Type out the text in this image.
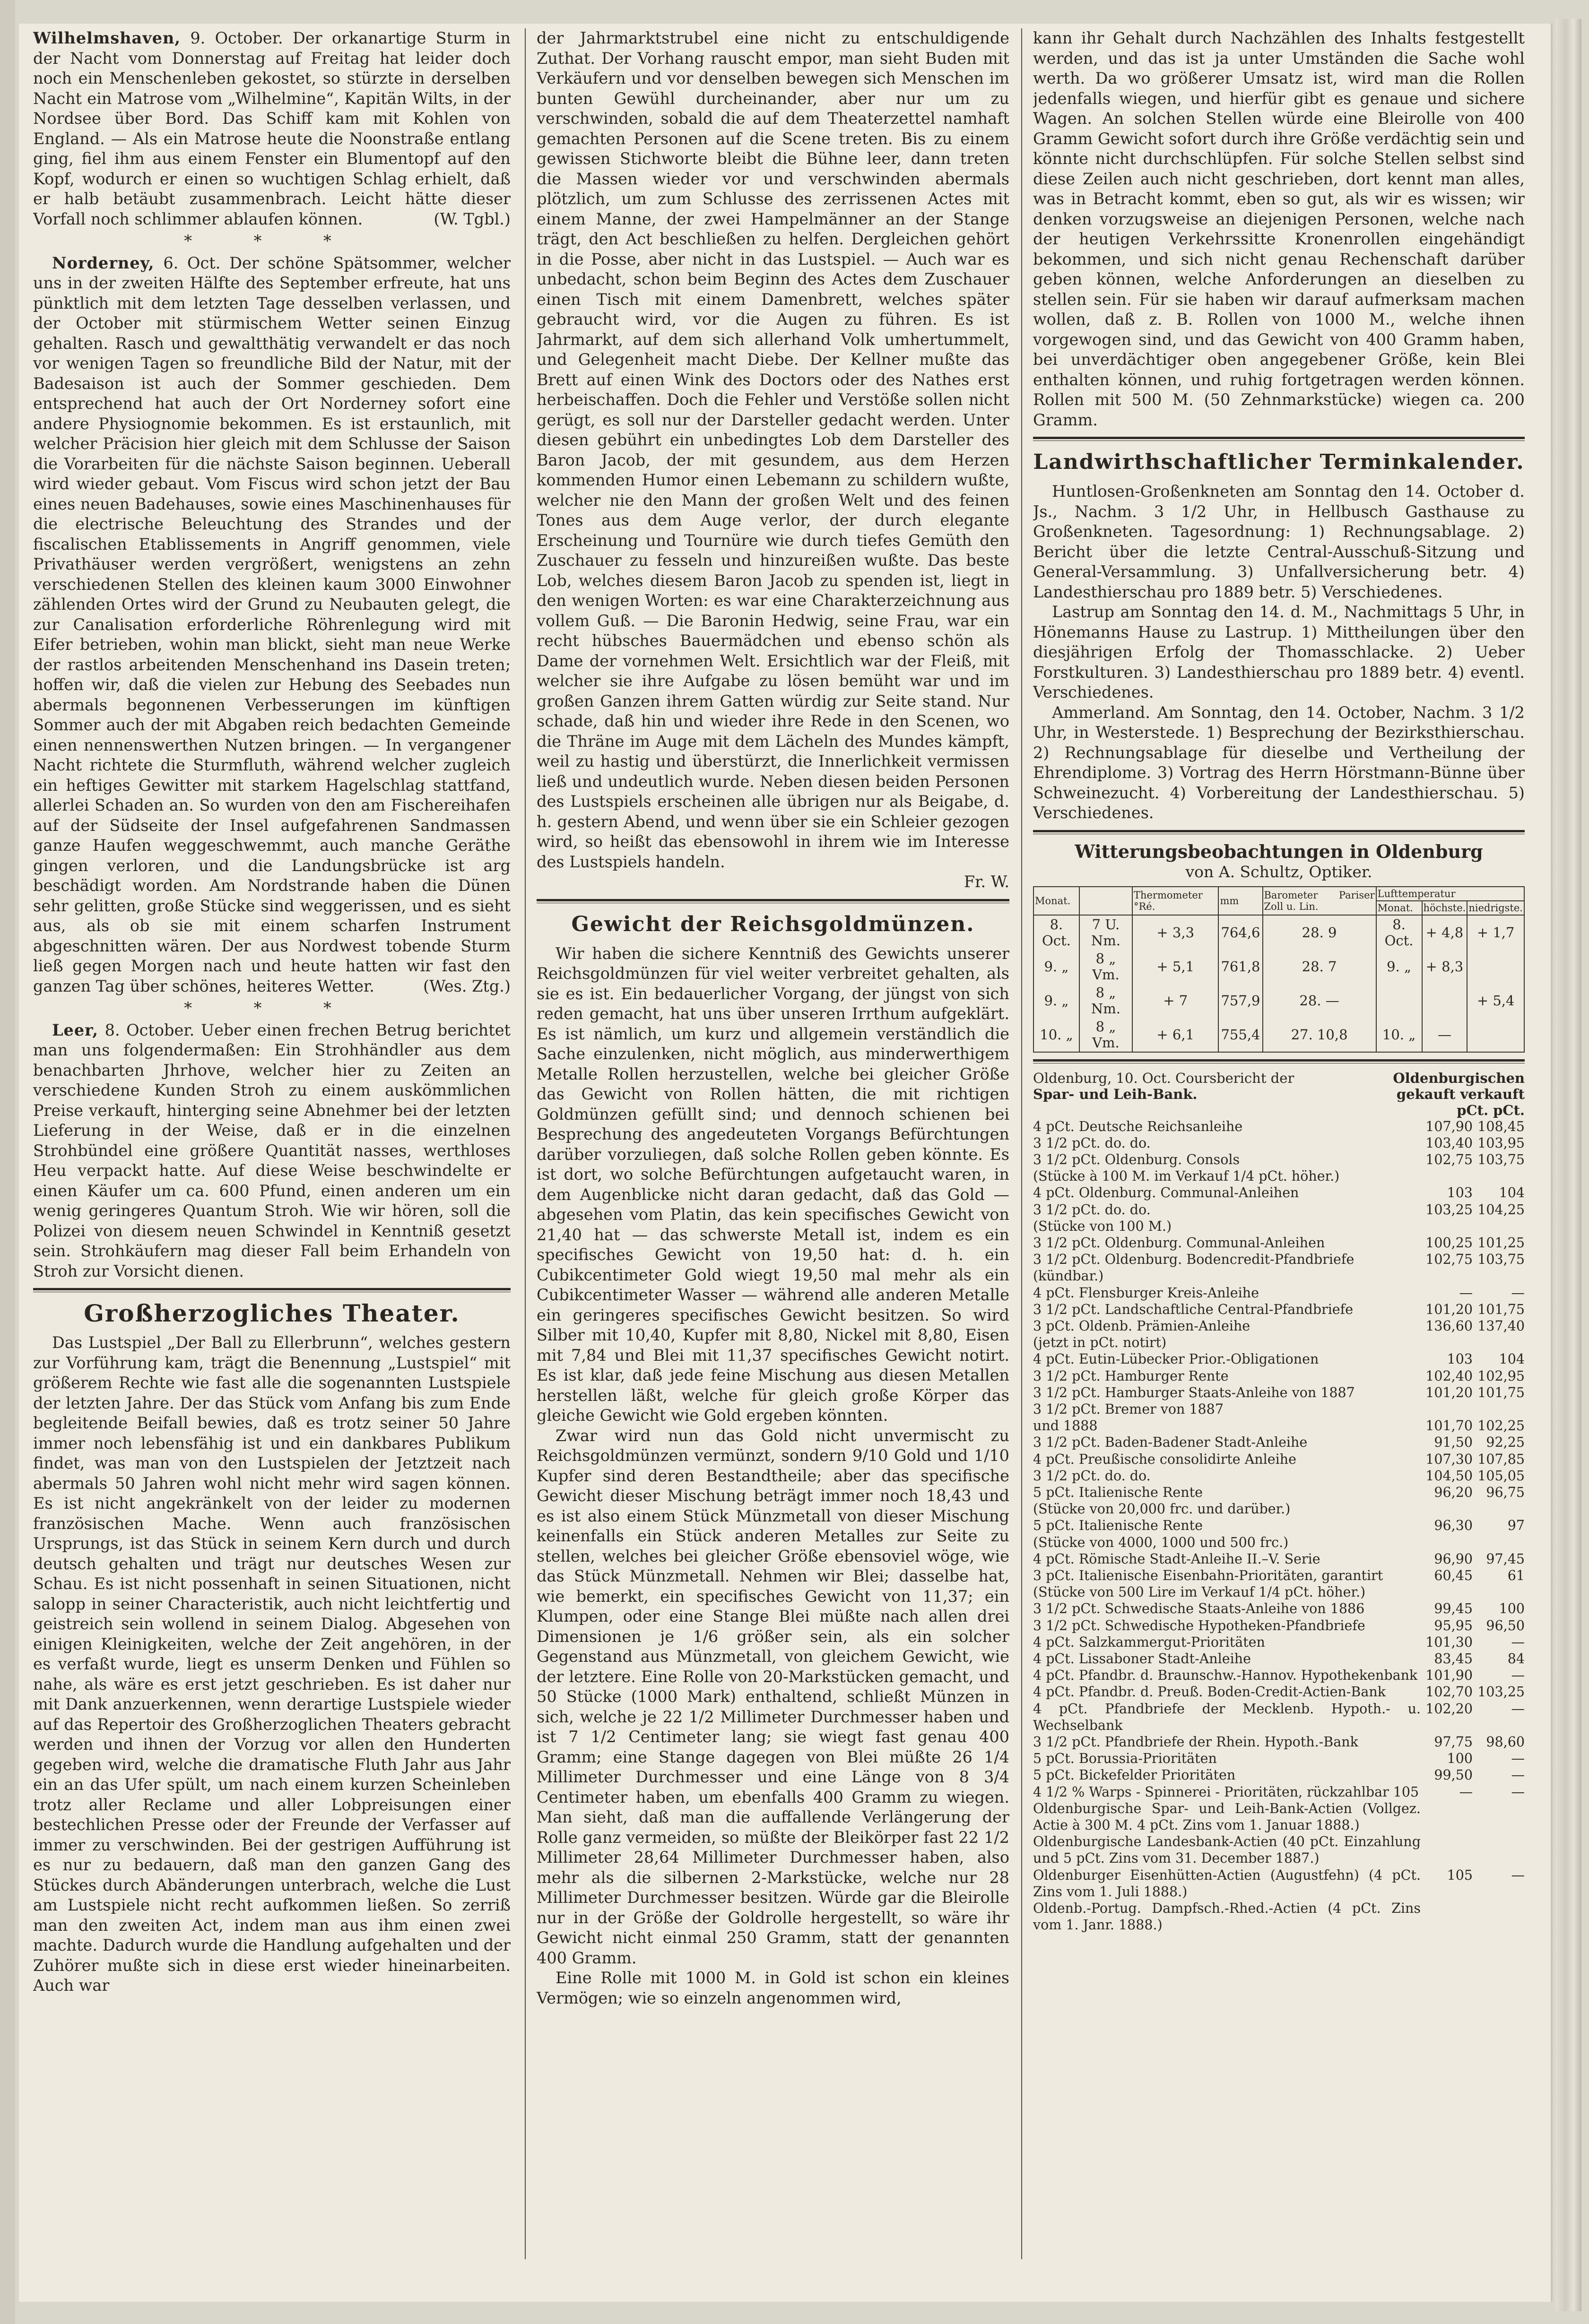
Wilhelmshaven, 9. October. Der orkanartige Sturm in der Nacht vom Donnerstag auf Freitag hat leider doch noch ein Menschenleben gekostet, so stürzte in derselben Nacht ein Matrose vom „Wilhelmine“, Kapitän Wilts, in der Nordsee über Bord. Das Schiff kam mit Kohlen von England. — Als ein Matrose heute die Noonstraße entlang ging, fiel ihm aus einem Fenster ein Blumentopf auf den Kopf, wodurch er einen so wuchtigen Schlag erhielt, daß er halb betäubt zusammenbrach. Leicht hätte dieser Vorfall noch schlimmer ablaufen können.	(W. Tgbl.)

* * *

Norderney, 6. Oct. Der schöne Spätsommer, welcher uns in der zweiten Hälfte des September erfreute, hat uns pünktlich mit dem letzten Tage desselben verlassen, und der October mit stürmischem Wetter seinen Einzug gehalten. Rasch und gewaltthätig verwandelt er das noch vor wenigen Tagen so freundliche Bild der Natur, mit der Badesaison ist auch der Sommer geschieden. Dem entsprechend hat auch der Ort Norderney sofort eine andere Physiognomie bekommen. Es ist erstaunlich, mit welcher Präcision hier gleich mit dem Schlusse der Saison die Vorarbeiten für die nächste Saison beginnen. Ueberall wird wieder gebaut. Vom Fiscus wird schon jetzt der Bau eines neuen Badehauses, sowie eines Maschinenhauses für die electrische Beleuchtung des Strandes und der fiscalischen Etablissements in Angriff genommen, viele Privathäuser werden vergrößert, wenigstens an zehn verschiedenen Stellen des kleinen kaum 3000 Einwohner zählenden Ortes wird der Grund zu Neubauten gelegt, die zur Canalisation erforderliche Röhrenlegung wird mit Eifer betrieben, wohin man blickt, sieht man neue Werke der rastlos arbeitenden Menschenhand ins Dasein treten; hoffen wir, daß die vielen zur Hebung des Seebades nun abermals begonnenen Verbesserungen im künftigen Sommer auch der mit Abgaben reich bedachten Gemeinde einen nennenswerthen Nutzen bringen. — In vergangener Nacht richtete die Sturmfluth, während welcher zugleich ein heftiges Gewitter mit starkem Hagelschlag stattfand, allerlei Schaden an. So wurden von den am Fischereihafen auf der Südseite der Insel aufgefahrenen Sandmassen ganze Haufen weggeschwemmt, auch manche Geräthe gingen verloren, und die Landungsbrücke ist arg beschädigt worden. Am Nordstrande haben die Dünen sehr gelitten, große Stücke sind weggerissen, und es sieht aus, als ob sie mit einem scharfen Instrument abgeschnitten wären. Der aus Nordwest tobende Sturm ließ gegen Morgen nach und heute hatten wir fast den ganzen Tag über schönes, heiteres Wetter.	(Wes. Ztg.)

* * *

Leer, 8. October. Ueber einen frechen Betrug berichtet man uns folgendermaßen: Ein Strohhändler aus dem benachbarten Jhrhove, welcher hier zu Zeiten an verschiedene Kunden Stroh zu einem auskömmlichen Preise verkauft, hinterging seine Abnehmer bei der letzten Lieferung in der Weise, daß er in die einzelnen Strohbündel eine größere Quantität nasses, werthloses Heu verpackt hatte. Auf diese Weise beschwindelte er einen Käufer um ca. 600 Pfund, einen anderen um ein wenig geringeres Quantum Stroh. Wie wir hören, soll die Polizei von diesem neuen Schwindel in Kenntniß gesetzt sein. Strohkäufern mag dieser Fall beim Erhandeln von Stroh zur Vorsicht dienen.

Großherzogliches Theater.

Das Lustspiel „Der Ball zu Ellerbrunn“, welches gestern zur Vorführung kam, trägt die Benennung „Lustspiel“ mit größerem Rechte wie fast alle die sogenannten Lustspiele der letzten Jahre. Der das Stück vom Anfang bis zum Ende begleitende Beifall bewies, daß es trotz seiner 50 Jahre immer noch lebensfähig ist und ein dankbares Publikum findet, was man von den Lustspielen der Jetztzeit nach abermals 50 Jahren wohl nicht mehr wird sagen können. Es ist nicht angekränkelt von der leider zu modernen französischen Mache. Wenn auch französischen Ursprungs, ist das Stück in seinem Kern durch und durch deutsch gehalten und trägt nur deutsches Wesen zur Schau. Es ist nicht possenhaft in seinen Situationen, nicht salopp in seiner Characteristik, auch nicht leichtfertig und geistreich sein wollend in seinem Dialog. Abgesehen von einigen Kleinigkeiten, welche der Zeit angehören, in der es verfaßt wurde, liegt es unserm Denken und Fühlen so nahe, als wäre es erst jetzt geschrieben. Es ist daher nur mit Dank anzuerkennen, wenn derartige Lustspiele wieder auf das Repertoir des Großherzoglichen Theaters gebracht werden und ihnen der Vorzug vor allen den Hunderten gegeben wird, welche die dramatische Fluth Jahr aus Jahr ein an das Ufer spült, um nach einem kurzen Scheinleben trotz aller Reclame und aller Lobpreisungen einer bestechlichen Presse oder der Freunde der Verfasser auf immer zu verschwinden. Bei der gestrigen Aufführung ist es nur zu bedauern, daß man den ganzen Gang des Stückes durch Abänderungen unterbrach, welche die Lust am Lustspiele nicht recht aufkommen ließen. So zerriß man den zweiten Act, indem man aus ihm einen zwei machte. Dadurch wurde die Handlung aufgehalten und der Zuhörer mußte sich in diese erst wieder hineinarbeiten. Auch war

der Jahrmarktstrubel eine nicht zu entschuldigende Zuthat. Der Vorhang rauscht empor, man sieht Buden mit Verkäufern und vor denselben bewegen sich Menschen im bunten Gewühl durcheinander, aber nur um zu verschwinden, sobald die auf dem Theaterzettel namhaft gemachten Personen auf die Scene treten. Bis zu einem gewissen Stichworte bleibt die Bühne leer, dann treten die Massen wieder vor und verschwinden abermals plötzlich, um zum Schlusse des zerrissenen Actes mit einem Manne, der zwei Hampelmänner an der Stange trägt, den Act beschließen zu helfen. Dergleichen gehört in die Posse, aber nicht in das Lustspiel. — Auch war es unbedacht, schon beim Beginn des Actes dem Zuschauer einen Tisch mit einem Damenbrett, welches später gebraucht wird, vor die Augen zu führen. Es ist Jahrmarkt, auf dem sich allerhand Volk umhertummelt, und Gelegenheit macht Diebe. Der Kellner mußte das Brett auf einen Wink des Doctors oder des Nathes erst herbeischaffen. Doch die Fehler und Verstöße sollen nicht gerügt, es soll nur der Darsteller gedacht werden. Unter diesen gebührt ein unbedingtes Lob dem Darsteller des Baron Jacob, der mit gesundem, aus dem Herzen kommenden Humor einen Lebemann zu schildern wußte, welcher nie den Mann der großen Welt und des feinen Tones aus dem Auge verlor, der durch elegante Erscheinung und Tournüre wie durch tiefes Gemüth den Zuschauer zu fesseln und hinzureißen wußte. Das beste Lob, welches diesem Baron Jacob zu spenden ist, liegt in den wenigen Worten: es war eine Charakterzeichnung aus vollem Guß. — Die Baronin Hedwig, seine Frau, war ein recht hübsches Bauermädchen und ebenso schön als Dame der vornehmen Welt. Ersichtlich war der Fleiß, mit welcher sie ihre Aufgabe zu lösen bemüht war und im großen Ganzen ihrem Gatten würdig zur Seite stand. Nur schade, daß hin und wieder ihre Rede in den Scenen, wo die Thräne im Auge mit dem Lächeln des Mundes kämpft, weil zu hastig und überstürzt, die Innerlichkeit vermissen ließ und undeutlich wurde. Neben diesen beiden Personen des Lustspiels erscheinen alle übrigen nur als Beigabe, d. h. gestern Abend, und wenn über sie ein Schleier gezogen wird, so heißt das ebensowohl in ihrem wie im Interesse des Lustspiels handeln.

Fr. W.
Gewicht der Reichsgoldmünzen.

Wir haben die sichere Kenntniß des Gewichts unserer Reichsgoldmünzen für viel weiter verbreitet gehalten, als sie es ist. Ein bedauerlicher Vorgang, der jüngst von sich reden gemacht, hat uns über unseren Irrthum aufgeklärt. Es ist nämlich, um kurz und allgemein verständlich die Sache einzulenken, nicht möglich, aus minderwerthigem Metalle Rollen herzustellen, welche bei gleicher Größe das Gewicht von Rollen hätten, die mit richtigen Goldmünzen gefüllt sind; und dennoch schienen bei Besprechung des angedeuteten Vorgangs Befürchtungen darüber vorzuliegen, daß solche Rollen geben könnte. Es ist dort, wo solche Befürchtungen aufgetaucht waren, in dem Augenblicke nicht daran gedacht, daß das Gold — abgesehen vom Platin, das kein specifisches Gewicht von 21,40 hat — das schwerste Metall ist, indem es ein specifisches Gewicht von 19,50 hat: d. h. ein Cubikcentimeter Gold wiegt 19,50 mal mehr als ein Cubikcentimeter Wasser — während alle anderen Metalle ein geringeres specifisches Gewicht besitzen. So wird Silber mit 10,40, Kupfer mit 8,80, Nickel mit 8,80, Eisen mit 7,84 und Blei mit 11,37 specifisches Gewicht notirt. Es ist klar, daß jede feine Mischung aus diesen Metallen herstellen läßt, welche für gleich große Körper das gleiche Gewicht wie Gold ergeben könnten.

Zwar wird nun das Gold nicht unvermischt zu Reichsgoldmünzen vermünzt, sondern 9/10 Gold und 1/10 Kupfer sind deren Bestandtheile; aber das specifische Gewicht dieser Mischung beträgt immer noch 18,43 und es ist also einem Stück Münzmetall von dieser Mischung keinenfalls ein Stück anderen Metalles zur Seite zu stellen, welches bei gleicher Größe ebensoviel wöge, wie das Stück Münzmetall. Nehmen wir Blei; dasselbe hat, wie bemerkt, ein specifisches Gewicht von 11,37; ein Klumpen, oder eine Stange Blei müßte nach allen drei Dimensionen je 1/6 größer sein, als ein solcher Gegenstand aus Münzmetall, von gleichem Gewicht, wie der letztere. Eine Rolle von 20-Markstücken gemacht, und 50 Stücke (1000 Mark) enthaltend, schließt Münzen in sich, welche je 22 1/2 Millimeter Durchmesser haben und ist 7 1/2 Centimeter lang; sie wiegt fast genau 400 Gramm; eine Stange dagegen von Blei müßte 26 1/4 Millimeter Durchmesser und eine Länge von 8 3/4 Centimeter haben, um ebenfalls 400 Gramm zu wiegen. Man sieht, daß man die auffallende Verlängerung der Rolle ganz vermeiden, so müßte der Bleikörper fast 22 1/2 Millimeter 28,64 Millimeter Durchmesser haben, also mehr als die silbernen 2-Markstücke, welche nur 28 Millimeter Durchmesser besitzen. Würde gar die Bleirolle nur in der Größe der Goldrolle hergestellt, so wäre ihr Gewicht nicht einmal 250 Gramm, statt der genannten 400 Gramm.

Eine Rolle mit 1000 M. in Gold ist schon ein kleines Vermögen; wie so einzeln angenommen wird,

kann ihr Gehalt durch Nachzählen des Inhalts festgestellt werden, und das ist ja unter Umständen die Sache wohl werth. Da wo größerer Umsatz ist, wird man die Rollen jedenfalls wiegen, und hierfür gibt es genaue und sichere Wagen. An solchen Stellen würde eine Bleirolle von 400 Gramm Gewicht sofort durch ihre Größe verdächtig sein und könnte nicht durchschlüpfen. Für solche Stellen selbst sind diese Zeilen auch nicht geschrieben, dort kennt man alles, was in Betracht kommt, eben so gut, als wir es wissen; wir denken vorzugsweise an diejenigen Personen, welche nach der heutigen Verkehrssitte Kronenrollen eingehändigt bekommen, und sich nicht genau Rechenschaft darüber geben können, welche Anforderungen an dieselben zu stellen sein. Für sie haben wir darauf aufmerksam machen wollen, daß z. B. Rollen von 1000 M., welche ihnen vorgewogen sind, und das Gewicht von 400 Gramm haben, bei unverdächtiger oben angegebener Größe, kein Blei enthalten können, und ruhig fortgetragen werden können. Rollen mit 500 M. (50 Zehnmarkstücke) wiegen ca. 200 Gramm.

Landwirthschaftlicher Terminkalender.

Huntlosen-Großenkneten am Sonntag den 14. October d. Js., Nachm. 3 1/2 Uhr, in Hellbusch Gasthause zu Großenkneten. Tagesordnung: 1) Rechnungsablage. 2) Bericht über die letzte Central-Ausschuß-Sitzung und General-Versammlung. 3) Unfallversicherung betr. 4) Landesthierschau pro 1889 betr. 5) Verschiedenes.

Lastrup am Sonntag den 14. d. M., Nachmittags 5 Uhr, in Hönemanns Hause zu Lastrup. 1) Mittheilungen über den diesjährigen Erfolg der Thomasschlacke. 2) Ueber Forstkulturen. 3) Landesthierschau pro 1889 betr. 4) eventl. Verschiedenes.

Ammerland. Am Sonntag, den 14. October, Nachm. 3 1/2 Uhr, in Westerstede. 1) Besprechung der Bezirksthierschau. 2) Rechnungsablage für dieselbe und Vertheilung der Ehrendiplome. 3) Vortrag des Herrn Hörstmann-Bünne über Schweinezucht. 4) Vorbereitung der Landesthierschau. 5) Verschiedenes.

Witterungsbeobachtungen in Oldenburg
von A. Schultz, Optiker.
Monat.		Thermometer °Ré.	mm	Barometer Pariser Zoll u. Lin.	Lufttemperatur		
					Monat.	höchste.	niedrigste.
8. Oct.	7 U. Nm.	+ 3,3	764,6	28. 9	8. Oct.	+ 4,8	+ 1,7
9. „	8 „ Vm.	+ 5,1	761,8	28. 7	9. „	+ 8,3	
9. „	8 „ Nm.	+ 7	757,9	28. —			+ 5,4
10. „	8 „ Vm.	+ 6,1	755,4	27. 10,8	10. „	—	
Oldenburg, 10. Oct. Coursbericht der
Spar- und Leih-Bank.
Oldenburgischen
gekauft verkauft
pCt. pCt.
4 pCt. Deutsche Reichsanleihe	107,90	108,45
3 1/2 pCt. do. do.	103,40	103,95
3 1/2 pCt. Oldenburg. Consols	102,75	103,75
(Stücke à 100 M. im Verkauf 1/4 pCt. höher.)		
4 pCt. Oldenburg. Communal-Anleihen	103	104
3 1/2 pCt. do. do.	103,25	104,25
(Stücke von 100 M.)		
3 1/2 pCt. Oldenburg. Communal-Anleihen	100,25	101,25
3 1/2 pCt. Oldenburg. Bodencredit-Pfandbriefe	102,75	103,75
(kündbar.)		
4 pCt. Flensburger Kreis-Anleihe	—	—
3 1/2 pCt. Landschaftliche Central-Pfandbriefe	101,20	101,75
3 pCt. Oldenb. Prämien-Anleihe	136,60	137,40
(jetzt in pCt. notirt)		
4 pCt. Eutin-Lübecker Prior.-Obligationen	103	104
3 1/2 pCt. Hamburger Rente	102,40	102,95
3 1/2 pCt. Hamburger Staats-Anleihe von 1887	101,20	101,75
3 1/2 pCt. Bremer von 1887		
und 1888	101,70	102,25
3 1/2 pCt. Baden-Badener Stadt-Anleihe	91,50	92,25
4 pCt. Preußische consolidirte Anleihe	107,30	107,85
3 1/2 pCt. do. do.	104,50	105,05
5 pCt. Italienische Rente	96,20	96,75
(Stücke von 20,000 frc. und darüber.)		
5 pCt. Italienische Rente	96,30	97
(Stücke von 4000, 1000 und 500 frc.)		
4 pCt. Römische Stadt-Anleihe II.–V. Serie	96,90	97,45
3 pCt. Italienische Eisenbahn-Prioritäten, garantirt	60,45	61
(Stücke von 500 Lire im Verkauf 1/4 pCt. höher.)		
3 1/2 pCt. Schwedische Staats-Anleihe von 1886	99,45	100
3 1/2 pCt. Schwedische Hypotheken-Pfandbriefe	95,95	96,50
4 pCt. Salzkammergut-Prioritäten	101,30	—
4 pCt. Lissaboner Stadt-Anleihe	83,45	84
4 pCt. Pfandbr. d. Braunschw.-Hannov. Hypothekenbank	101,90	—
4 pCt. Pfandbr. d. Preuß. Boden-Credit-Actien-Bank	102,70	103,25
4 pCt. Pfandbriefe der Mecklenb. Hypoth.- u. Wechselbank	102,20	—
3 1/2 pCt. Pfandbriefe der Rhein. Hypoth.-Bank	97,75	98,60
5 pCt. Borussia-Prioritäten	100	—
5 pCt. Bickefelder Prioritäten	99,50	—
4 1/2 % Warps - Spinnerei - Prioritäten, rückzahlbar 105	—	—
Oldenburgische Spar- und Leih-Bank-Actien (Vollgez. Actie à 300 M. 4 pCt. Zins vom 1. Januar 1888.)		
Oldenburgische Landesbank-Actien (40 pCt. Einzahlung und 5 pCt. Zins vom 31. December 1887.)		
Oldenburger Eisenhütten-Actien (Augustfehn) (4 pCt. Zins vom 1. Juli 1888.)	105	—
Oldenb.-Portug. Dampfsch.-Rhed.-Actien (4 pCt. Zins vom 1. Janr. 1888.)		
